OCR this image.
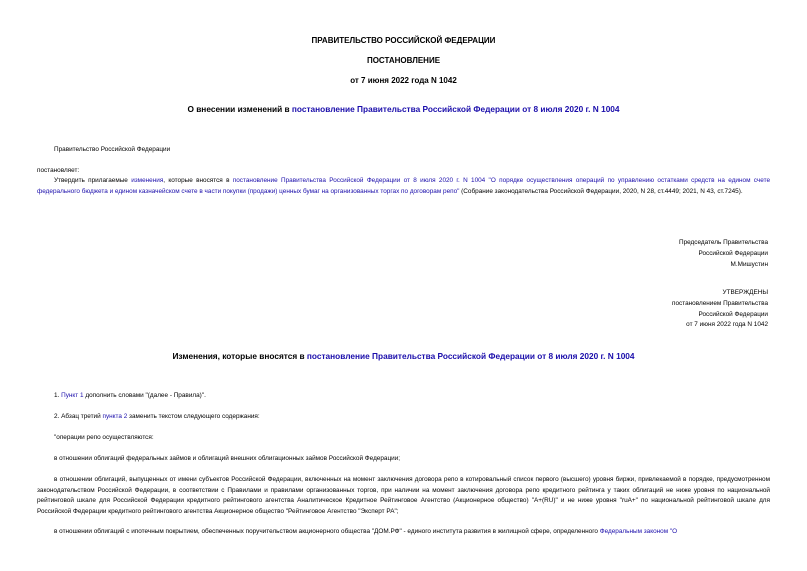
ПРАВИТЕЛЬСТВО РОССИЙСКОЙ ФЕДЕРАЦИИ
ПОСТАНОВЛЕНИЕ
от 7 июня 2022 года N 1042
О внесении изменений в постановление Правительства Российской Федерации от 8 июля 2020 г. N 1004
Правительство Российской Федерации
постановляет:
Утвердить прилагаемые изменения, которые вносятся в постановление Правительства Российской Федерации от 8 июля 2020 г. N 1004 "О порядке осуществления операций по управлению остатками средств на едином счете федерального бюджета и едином казначейском счете в части покупки (продажи) ценных бумаг на организованных торгах по договорам репо" (Собрание законодательства Российской Федерации, 2020, N 28, ст.4449; 2021, N 43, ст.7245).
Председатель Правительства
Российской Федерации
М.Мишустин
УТВЕРЖДЕНЫ
постановлением Правительства
Российской Федерации
от 7 июня 2022 года N 1042
Изменения, которые вносятся в постановление Правительства Российской Федерации от 8 июля 2020 г. N 1004
1. Пункт 1 дополнить словами "(далее - Правила)".
2. Абзац третий пункта 2 заменить текстом следующего содержания:
"операции репо осуществляются:
в отношении облигаций федеральных займов и облигаций внешних облигационных займов Российской Федерации;
в отношении облигаций, выпущенных от имени субъектов Российской Федерации, включенных на момент заключения договора репо в котировальный список первого (высшего) уровня биржи, привлекаемой в порядке, предусмотренном законодательством Российской Федерации, в соответствии с Правилами и правилами организованных торгов, при наличии на момент заключения договора репо кредитного рейтинга у таких облигаций не ниже уровня по национальной рейтинговой шкале для Российской Федерации кредитного рейтингового агентства Аналитическое Кредитное Рейтинговое Агентство (Акционерное общество) "A+(RU)" и не ниже уровня "ruA+" по национальной рейтинговой шкале для Российской Федерации кредитного рейтингового агентства Акционерное общество "Рейтинговое Агентство "Эксперт РА";
в отношении облигаций с ипотечным покрытием, обеспеченных поручительством акционерного общества "ДОМ.РФ" - единого института развития в жилищной сфере, определенного Федеральным законом "О
